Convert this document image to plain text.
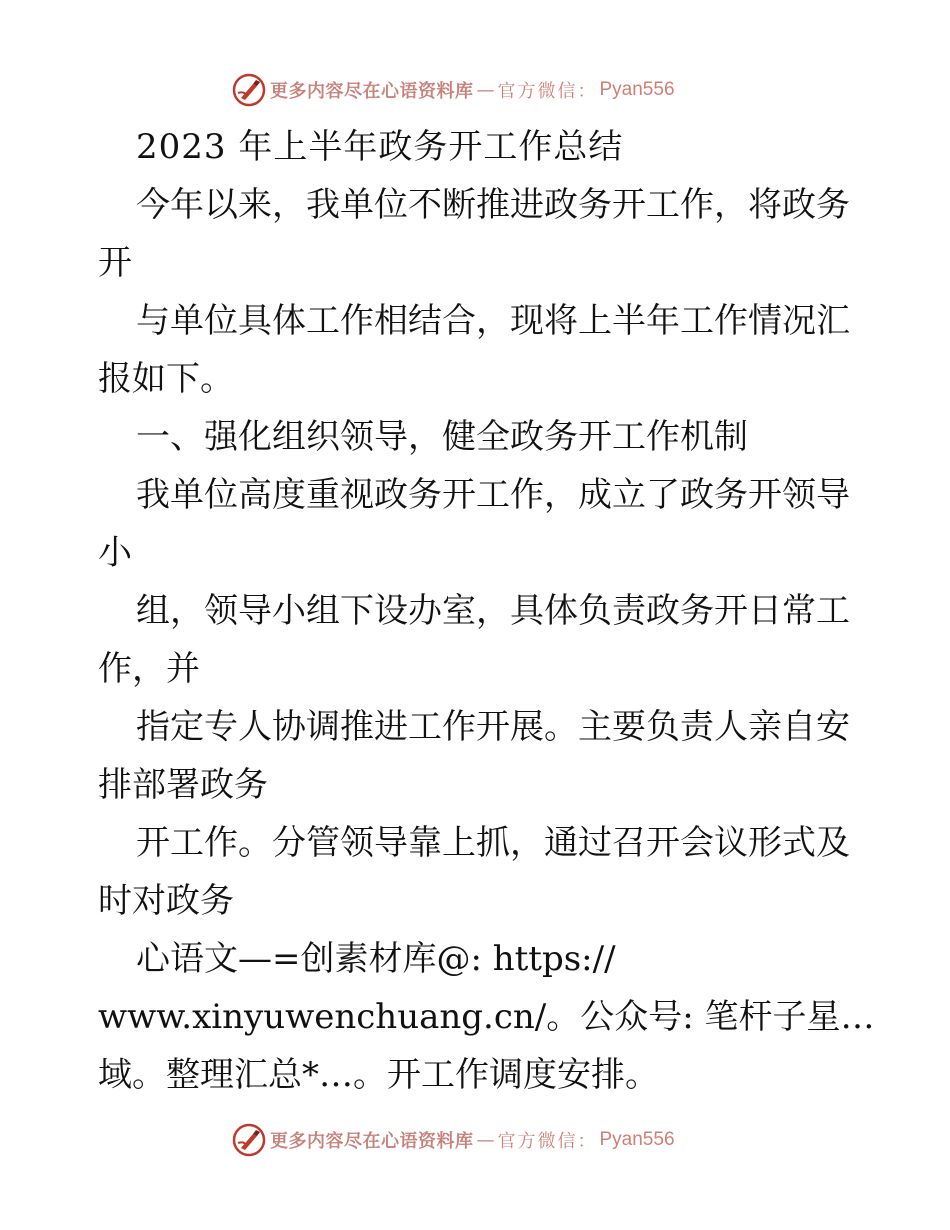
更多内容尽在心语资料库 — 官方微信： Pyan556
2023 年上半年政务开工作总结
今年以来，我单位不断推进政务开工作，将政务
开
与单位具体工作相结合，现将上半年工作情况汇
报如下。
一、强化组织领导，健全政务开工作机制
我单位高度重视政务开工作，成立了政务开领导
小
组，领导小组下设办室，具体负责政务开日常工
作，并
指定专人协调推进工作开展。主要负责人亲自安
排部署政务
开工作。分管领导靠上抓，通过召开会议形式及
时对政务
心语文—=创素材库@: https://
www.xinyuwenchuang.cn/。公众号: 笔杆子星…
域。整理汇总*…。开工作调度安排。
更多内容尽在心语资料库 — 官方微信： Pyan556
